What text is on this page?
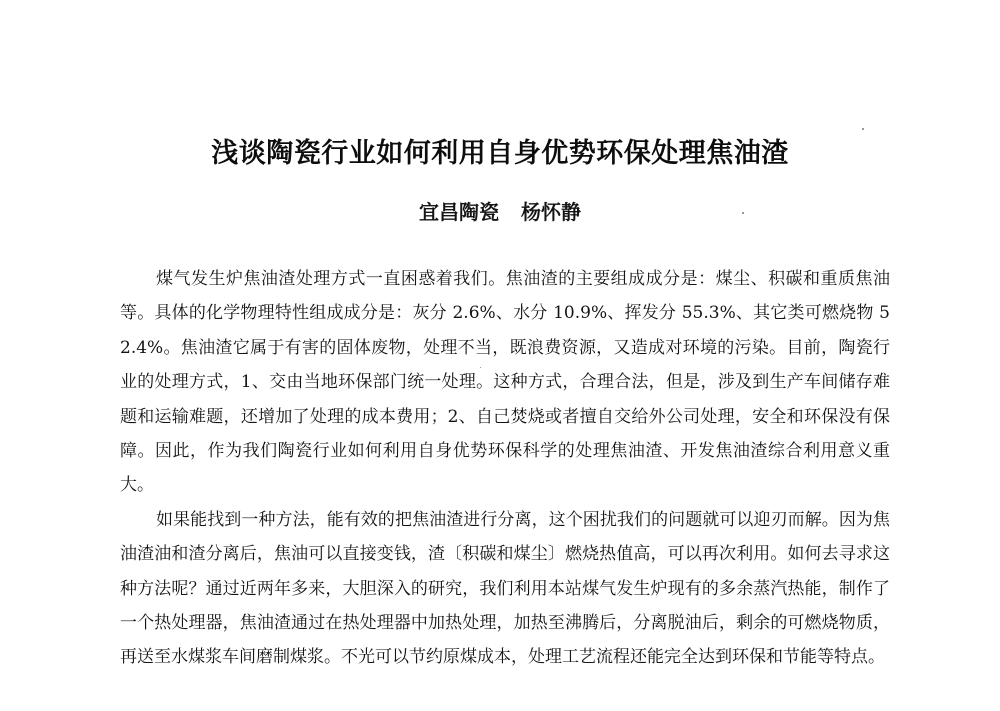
浅谈陶瓷行业如何利用自身优势环保处理焦油渣

宜昌陶瓷 杨怀静

煤气发生炉焦油渣处理方式一直困惑着我们。焦油渣的主要组成成分是：煤尘、积碳和重质焦油等。具体的化学物理特性组成成分是：灰分 2.6%、水分 10.9%、挥发分 55.3%、其它类可燃烧物 52.4%。焦油渣它属于有害的固体废物，处理不当，既浪费资源，又造成对环境的污染。目前，陶瓷行业的处理方式，1、交由当地环保部门统一处理。这种方式，合理合法，但是，涉及到生产车间储存难题和运输难题，还增加了处理的成本费用；2、自己焚烧或者擅自交给外公司处理，安全和环保没有保障。因此，作为我们陶瓷行业如何利用自身优势环保科学的处理焦油渣、开发焦油渣综合利用意义重大。

如果能找到一种方法，能有效的把焦油渣进行分离，这个困扰我们的问题就可以迎刃而解。因为焦油渣油和渣分离后，焦油可以直接变钱，渣〔积碳和煤尘〕燃烧热值高，可以再次利用。如何去寻求这种方法呢？通过近两年多来，大胆深入的研究，我们利用本站煤气发生炉现有的多余蒸汽热能，制作了一个热处理器，焦油渣通过在热处理器中加热处理，加热至沸腾后，分离脱油后，剩余的可燃烧物质，再送至水煤浆车间磨制煤浆。不光可以节约原煤成本，处理工艺流程还能完全达到环保和节能等特点。
